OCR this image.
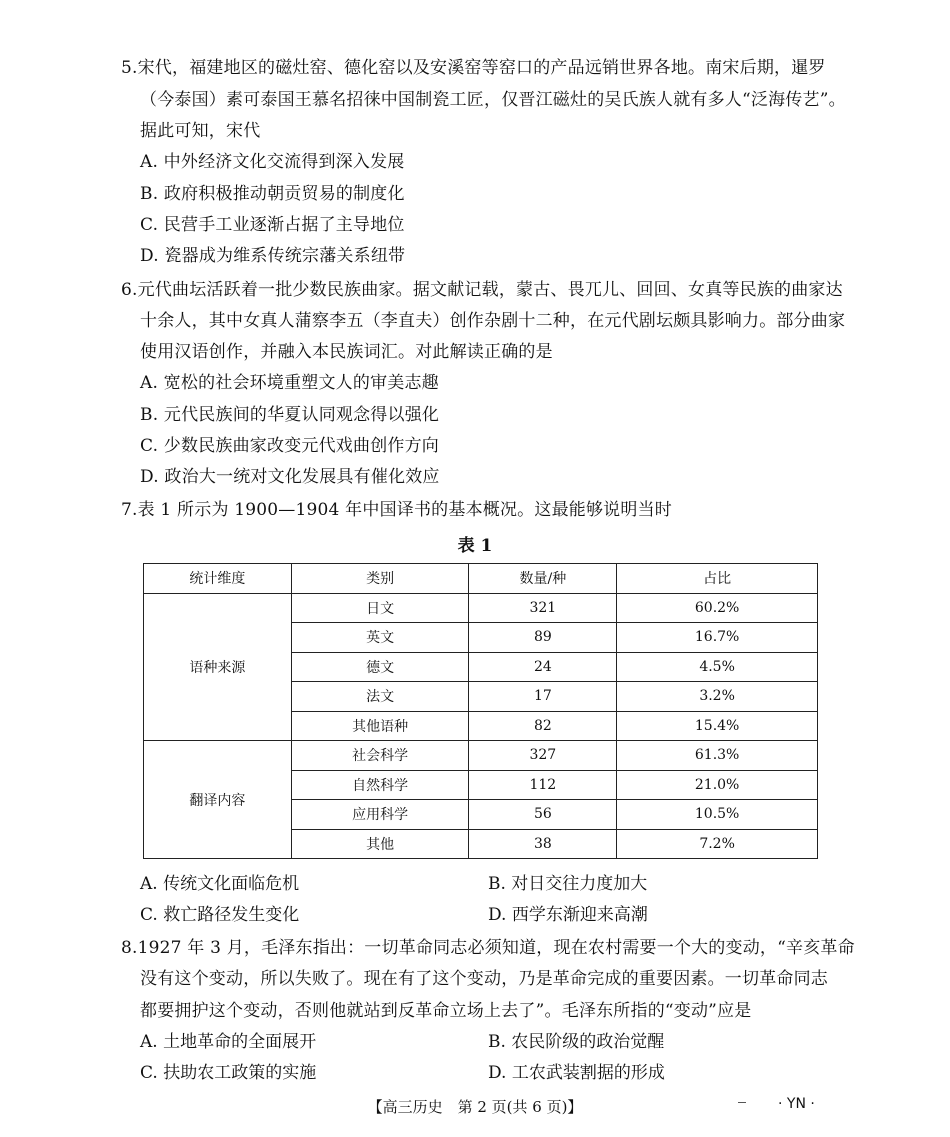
5.宋代，福建地区的磁灶窑、德化窑以及安溪窑等窑口的产品远销世界各地。南宋后期，暹罗
（今泰国）素可泰国王慕名招徕中国制瓷工匠，仅晋江磁灶的吴氏族人就有多人“泛海传艺”。
据此可知，宋代
A. 中外经济文化交流得到深入发展
B. 政府积极推动朝贡贸易的制度化
C. 民营手工业逐渐占据了主导地位
D. 瓷器成为维系传统宗藩关系纽带
6.元代曲坛活跃着一批少数民族曲家。据文献记载，蒙古、畏兀儿、回回、女真等民族的曲家达
十余人，其中女真人蒲察李五（李直夫）创作杂剧十二种，在元代剧坛颇具影响力。部分曲家
使用汉语创作，并融入本民族词汇。对此解读正确的是
A. 宽松的社会环境重塑文人的审美志趣
B. 元代民族间的华夏认同观念得以强化
C. 少数民族曲家改变元代戏曲创作方向
D. 政治大一统对文化发展具有催化效应
7.表 1 所示为 1900—1904 年中国译书的基本概况。这最能够说明当时
表 1
统计维度	类别	数量/种	占比
语种来源	日文	321	60.2%
	英文	89	16.7%
	德文	24	4.5%
	法文	17	3.2%
	其他语种	82	15.4%
翻译内容	社会科学	327	61.3%
	自然科学	112	21.0%
	应用科学	56	10.5%
	其他	38	7.2%
A. 传统文化面临危机	B. 对日交往力度加大
C. 救亡路径发生变化	D. 西学东渐迎来高潮
8.1927 年 3 月，毛泽东指出：一切革命同志必须知道，现在农村需要一个大的变动，“辛亥革命
没有这个变动，所以失败了。现在有了这个变动，乃是革命完成的重要因素。一切革命同志
都要拥护这个变动，否则他就站到反革命立场上去了”。毛泽东所指的“变动”应是
A. 土地革命的全面展开	B. 农民阶级的政治觉醒
C. 扶助农工政策的实施	D. 工农武装割据的形成
【高三历史　第 2 页(共 6 页)】	· YN ·
